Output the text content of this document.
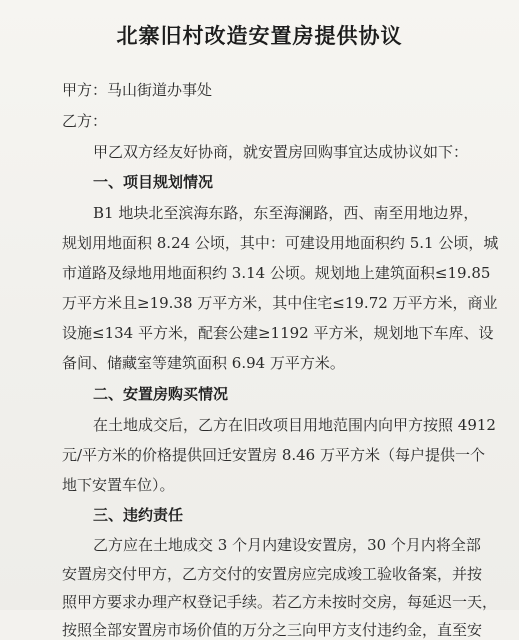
北寨旧村改造安置房提供协议
甲方：马山街道办事处
乙方：
甲乙双方经友好协商，就安置房回购事宜达成协议如下：
一、项目规划情况
B1 地块北至滨海东路，东至海澜路，西、南至用地边界，
规划用地面积 8.24 公顷，其中：可建设用地面积约 5.1 公顷，城
市道路及绿地用地面积约 3.14 公顷。规划地上建筑面积≤19.85
万平方米且≥19.38 万平方米，其中住宅≤19.72 万平方米，商业
设施≤134 平方米，配套公建≥1192 平方米，规划地下车库、设
备间、储藏室等建筑面积 6.94 万平方米。
二、安置房购买情况
在土地成交后，乙方在旧改项目用地范围内向甲方按照 4912
元/平方米的价格提供回迁安置房 8.46 万平方米（每户提供一个
地下安置车位）。
三、违约责任
乙方应在土地成交 3 个月内建设安置房，30 个月内将全部
安置房交付甲方，乙方交付的安置房应完成竣工验收备案，并按
照甲方要求办理产权登记手续。若乙方未按时交房，每延迟一天，
按照全部安置房市场价值的万分之三向甲方支付违约金，直至安
